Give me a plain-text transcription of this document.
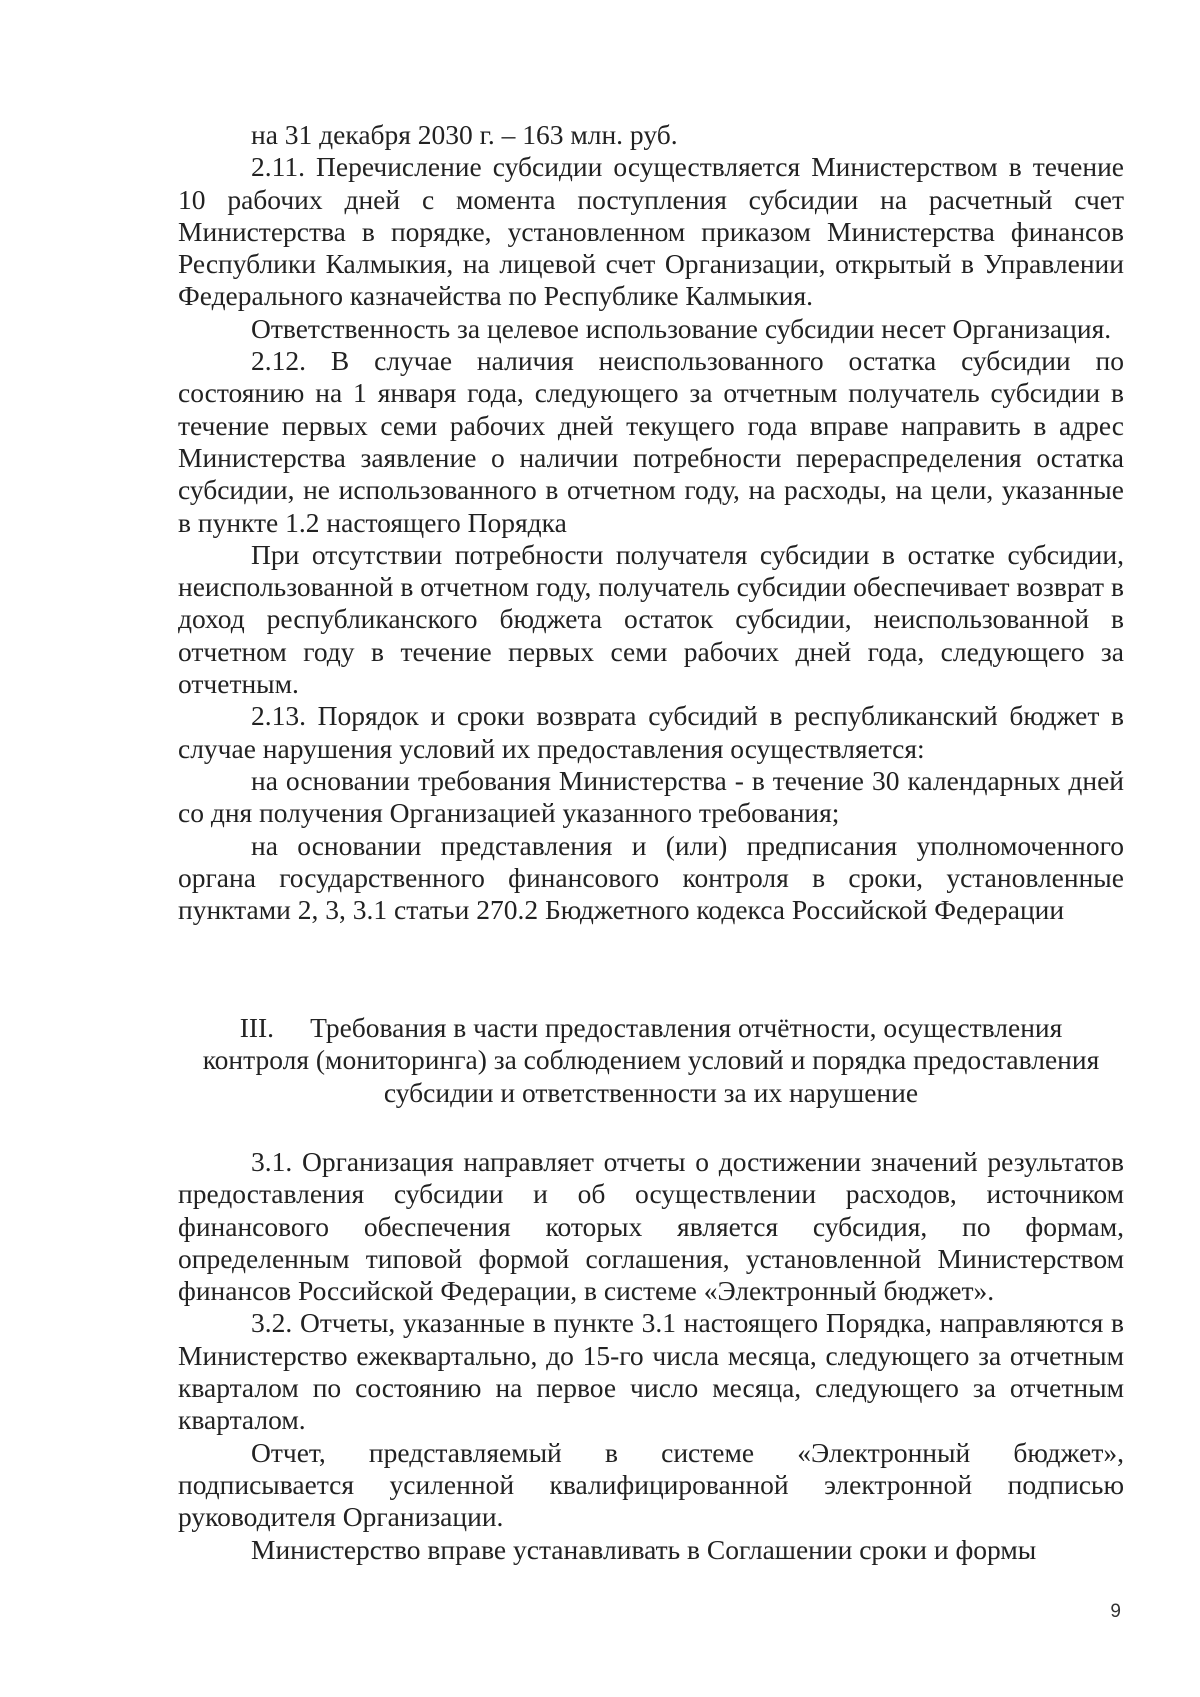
на 31 декабря 2030 г. – 163 млн. руб.

2.11. Перечисление субсидии осуществляется Министерством в течение 10 рабочих дней с момента поступления субсидии на расчетный счет Министерства в порядке, установленном приказом Министерства финансов Республики Калмыкия, на лицевой счет Организации, открытый в Управлении Федерального казначейства по Республике Калмыкия.

Ответственность за целевое использование субсидии несет Организация.

2.12. В случае наличия неиспользованного остатка субсидии по состоянию на 1 января года, следующего за отчетным получатель субсидии в течение первых семи рабочих дней текущего года вправе направить в адрес Министерства заявление о наличии потребности перераспределения остатка субсидии, не использованного в отчетном году, на расходы, на цели, указанные в пункте 1.2 настоящего Порядка

При отсутствии потребности получателя субсидии в остатке субсидии, неиспользованной в отчетном году, получатель субсидии обеспечивает возврат в доход республиканского бюджета остаток субсидии, неиспользованной в отчетном году в течение первых семи рабочих дней года, следующего за отчетным.

2.13. Порядок и сроки возврата субсидий в республиканский бюджет в случае нарушения условий их предоставления осуществляется:

на основании требования Министерства - в течение 30 календарных дней со дня получения Организацией указанного требования;

на основании представления и (или) предписания уполномоченного органа государственного финансового контроля в сроки, установленные пунктами 2, 3, 3.1 статьи 270.2 Бюджетного кодекса Российской Федерации

III. Требования в части предоставления отчётности, осуществления
контроля (мониторинга) за соблюдением условий и порядка предоставления
субсидии и ответственности за их нарушение

3.1. Организация направляет отчеты о достижении значений результатов предоставления субсидии и об осуществлении расходов, источником финансового обеспечения которых является субсидия, по формам, определенным типовой формой соглашения, установленной Министерством финансов Российской Федерации, в системе «Электронный бюджет».

3.2. Отчеты, указанные в пункте 3.1 настоящего Порядка, направляются в Министерство ежеквартально, до 15-го числа месяца, следующего за отчетным кварталом по состоянию на первое число месяца, следующего за отчетным кварталом.

Отчет, представляемый в системе «Электронный бюджет», подписывается усиленной квалифицированной электронной подписью руководителя Организации.

Министерство вправе устанавливать в Соглашении сроки и формы

9
